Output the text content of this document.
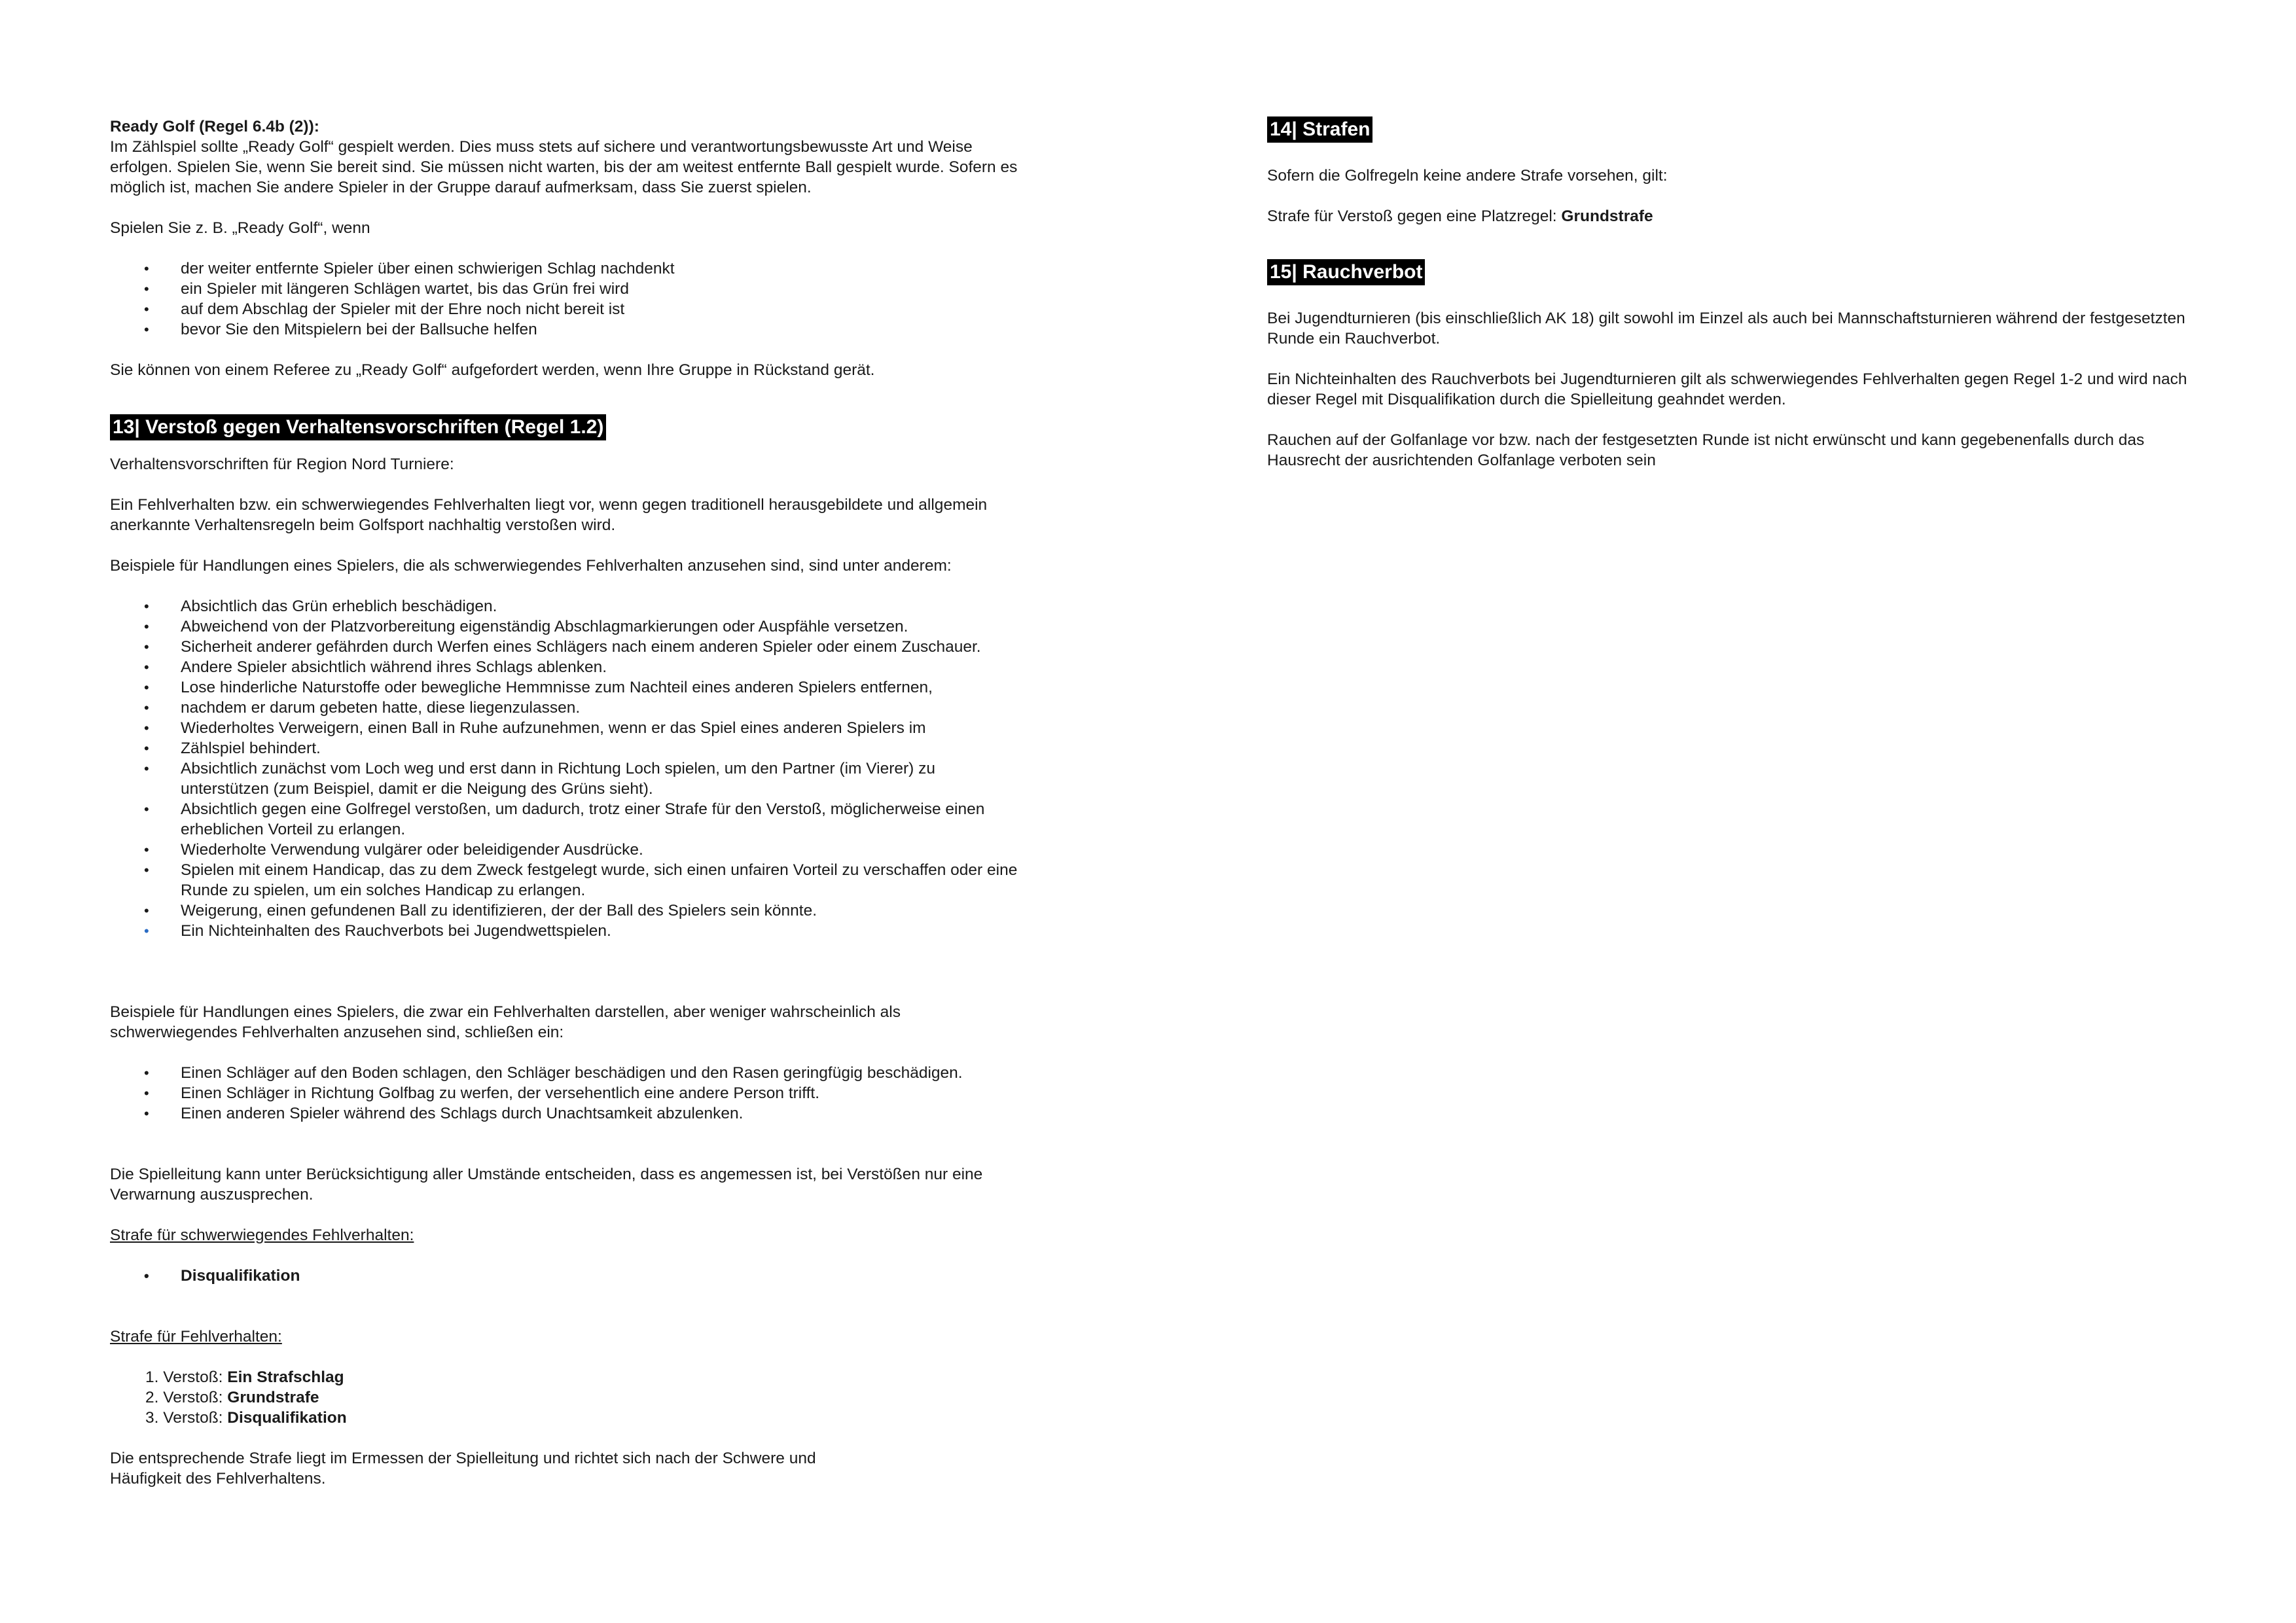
Ready Golf (Regel 6.4b (2)):

Im Zählspiel sollte „Ready Golf“ gespielt werden. Dies muss stets auf sichere und verantwortungsbewusste Art und Weise erfolgen. Spielen Sie, wenn Sie bereit sind. Sie müssen nicht warten, bis der am weitest entfernte Ball gespielt wurde. Sofern es möglich ist, machen Sie andere Spieler in der Gruppe darauf aufmerksam, dass Sie zuerst spielen.

Spielen Sie z. B. „Ready Golf“, wenn

• der weiter entfernte Spieler über einen schwierigen Schlag nachdenkt
• ein Spieler mit längeren Schlägen wartet, bis das Grün frei wird
• auf dem Abschlag der Spieler mit der Ehre noch nicht bereit ist
• bevor Sie den Mitspielern bei der Ballsuche helfen

Sie können von einem Referee zu „Ready Golf“ aufgefordert werden, wenn Ihre Gruppe in Rückstand gerät.

13| Verstoß gegen Verhaltensvorschriften (Regel 1.2)

Verhaltensvorschriften für Region Nord Turniere:

Ein Fehlverhalten bzw. ein schwerwiegendes Fehlverhalten liegt vor, wenn gegen traditionell herausgebildete und allgemein anerkannte Verhaltensregeln beim Golfsport nachhaltig verstoßen wird.

Beispiele für Handlungen eines Spielers, die als schwerwiegendes Fehlverhalten anzusehen sind, sind unter anderem:

• Absichtlich das Grün erheblich beschädigen.
• Abweichend von der Platzvorbereitung eigenständig Abschlagmarkierungen oder Auspfähle versetzen.
• Sicherheit anderer gefährden durch Werfen eines Schlägers nach einem anderen Spieler oder einem Zuschauer.
• Andere Spieler absichtlich während ihres Schlags ablenken.
• Lose hinderliche Naturstoffe oder bewegliche Hemmnisse zum Nachteil eines anderen Spielers entfernen,
• nachdem er darum gebeten hatte, diese liegenzulassen.
• Wiederholtes Verweigern, einen Ball in Ruhe aufzunehmen, wenn er das Spiel eines anderen Spielers im
• Zählspiel behindert.
• Absichtlich zunächst vom Loch weg und erst dann in Richtung Loch spielen, um den Partner (im Vierer) zu unterstützen (zum Beispiel, damit er die Neigung des Grüns sieht).
• Absichtlich gegen eine Golfregel verstoßen, um dadurch, trotz einer Strafe für den Verstoß, möglicherweise einen erheblichen Vorteil zu erlangen.
• Wiederholte Verwendung vulgärer oder beleidigender Ausdrücke.
• Spielen mit einem Handicap, das zu dem Zweck festgelegt wurde, sich einen unfairen Vorteil zu verschaffen oder eine Runde zu spielen, um ein solches Handicap zu erlangen.
• Weigerung, einen gefundenen Ball zu identifizieren, der der Ball des Spielers sein könnte.
• Ein Nichteinhalten des Rauchverbots bei Jugendwettspielen.

Beispiele für Handlungen eines Spielers, die zwar ein Fehlverhalten darstellen, aber weniger wahrscheinlich als schwerwiegendes Fehlverhalten anzusehen sind, schließen ein:

• Einen Schläger auf den Boden schlagen, den Schläger beschädigen und den Rasen geringfügig beschädigen.
• Einen Schläger in Richtung Golfbag zu werfen, der versehentlich eine andere Person trifft.
• Einen anderen Spieler während des Schlags durch Unachtsamkeit abzulenken.

Die Spielleitung kann unter Berücksichtigung aller Umstände entscheiden, dass es angemessen ist, bei Verstößen nur eine Verwarnung auszusprechen.

Strafe für schwerwiegendes Fehlverhalten:

• Disqualifikation

Strafe für Fehlverhalten:

1. Verstoß: Ein Strafschlag
2. Verstoß: Grundstrafe
3. Verstoß: Disqualifikation

Die entsprechende Strafe liegt im Ermessen der Spielleitung und richtet sich nach der Schwere und Häufigkeit des Fehlverhaltens.

14| Strafen

Sofern die Golfregeln keine andere Strafe vorsehen, gilt:

Strafe für Verstoß gegen eine Platzregel: Grundstrafe

15| Rauchverbot

Bei Jugendturnieren (bis einschließlich AK 18) gilt sowohl im Einzel als auch bei Mannschaftsturnieren während der festgesetzten Runde ein Rauchverbot.

Ein Nichteinhalten des Rauchverbots bei Jugendturnieren gilt als schwerwiegendes Fehlverhalten gegen Regel 1-2 und wird nach dieser Regel mit Disqualifikation durch die Spielleitung geahndet werden.

Rauchen auf der Golfanlage vor bzw. nach der festgesetzten Runde ist nicht erwünscht und kann gegebenenfalls durch das Hausrecht der ausrichtenden Golfanlage verboten sein
